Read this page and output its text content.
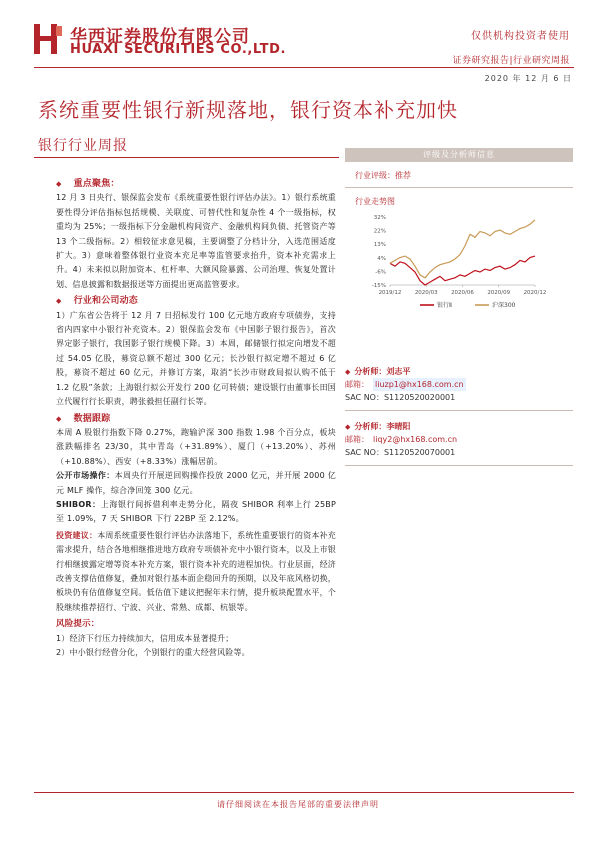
华西证券股份有限公司
HUAXI SECURITIES CO.,LTD.
仅供机构投资者使用
证券研究报告|行业研究周报
2020 年 12 月 6 日
系统重要性银行新规落地，银行资本补充加快
银行行业周报
◆ 重点聚焦：
12 月 3 日央行、银保监会发布《系统重要性银行评估办法》。1）银行系统重要性得分评估指标包括规模、关联度、可替代性和复杂性 4 个一级指标，权重均为 25%；一级指标下分金融机构间资产、金融机构间负债、托管资产等 13 个二级指标。2）相较征求意见稿，主要调整了分档计分，入选范围适度扩大。3）意味着整体银行业资本充足率等监管要求抬升，资本补充需求上升。4）未来拟以附加资本、杠杆率、大额风险暴露、公司治理、恢复处置计划、信息披露和数据报送等方面提出更高监管要求。
◆ 行业和公司动态
1）广东省公告将于 12 月 7 日招标发行 100 亿元地方政府专项债券，支持省内四家中小银行补充资本。2）银保监会发布《中国影子银行报告》，首次界定影子银行，我国影子银行规模下降。3）本周，邮储银行拟定向增发不超过 54.05 亿股，募资总额不超过 300 亿元；长沙银行拟定增不超过 6 亿股，募资不超过 60 亿元，并修订方案，取消“长沙市财政局拟认购不低于 1.2 亿股”条款；上海银行拟公开发行 200 亿可转债；建设银行由董事长田国立代履行行长职责，聘张毅担任副行长等。
◆ 数据跟踪
本周 A 股银行指数下降 0.27%，跑输沪深 300 指数 1.98 个百分点，板块涨跌幅排名 23/30，其中青岛（+31.89%）、厦门（+13.20%）、苏州（+10.88%）、西安（+8.33%）涨幅居前。
公开市场操作：本周央行开展逆回购操作投放 2000 亿元，并开展 2000 亿元 MLF 操作，综合净回笼 300 亿元。
SHIBOR：上海银行间拆借利率走势分化，隔夜 SHIBOR 利率上行 25BP 至 1.09%，7 天 SHIBOR 下行 22BP 至 2.12%。
投资建议：本周系统重要性银行评估办法落地下，系统性重要银行的资本补充需求提升，结合各地相继推进地方政府专项债补充中小银行资本，以及上市银行相继披露定增等资本补充方案，银行资本补充的进程加快。行业层面，经济改善支撑估值修复，叠加对银行基本面企稳回升的预期，以及年底风格切换，板块仍有估值修复空间。低估值下建议把握年末行情，提升板块配置水平，个股继续推荐招行、宁波、兴业、常熟、成都、杭银等。
风险提示：
1）经济下行压力持续加大，信用成本显著提升；
2）中小银行经营分化，个别银行的重大经营风险等。
评级及分析师信息
行业评级：推荐
行业走势图
32%
22%
13%
4%
-6%
-15%
2019/12 2020/03 2020/06 2020/09 2020/12
银行Ⅱ	沪深300
◆ 分析师：刘志平
邮箱： liuzp1@hx168.com.cn
SAC NO：S1120520020001
◆ 分析师：李晴阳
邮箱： liqy2@hx168.com.cn
SAC NO：S1120520070001
请仔细阅读在本报告尾部的重要法律声明
